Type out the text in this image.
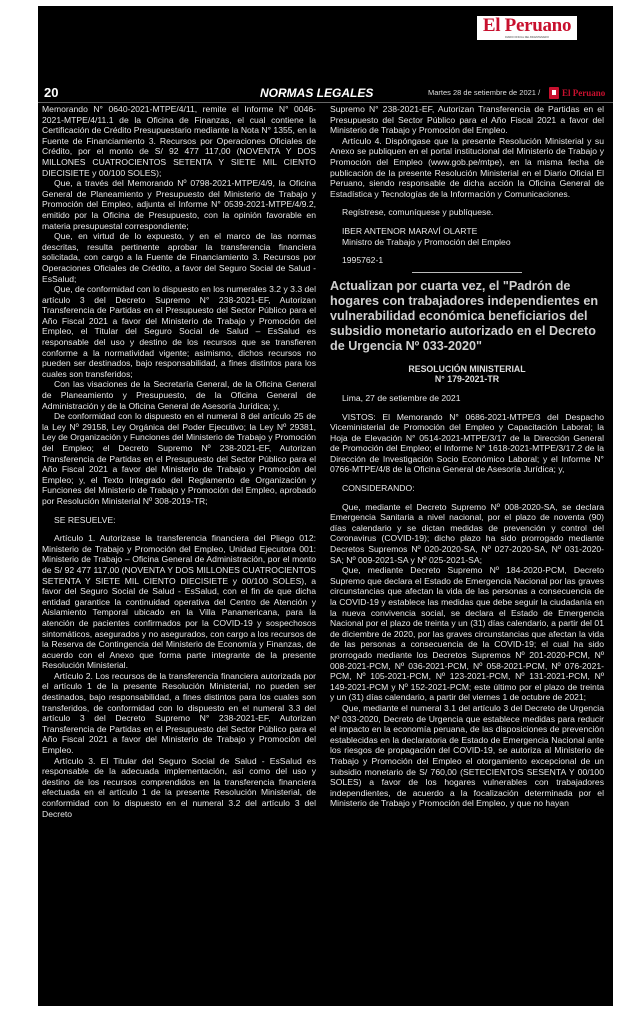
El Peruano
DIARIO OFICIAL DEL BICENTENARIO
20	NORMAS LEGALES	Martes 28 de setiembre de 2021 / El Peruano

Memorando N° 0640-2021-MTPE/4/11, remite el Informe N° 0046-2021-MTPE/4/11.1 de la Oficina de Finanzas, el cual contiene la Certificación de Crédito Presupuestario mediante la Nota N° 1355, en la Fuente de Financiamiento 3. Recursos por Operaciones Oficiales de Crédito, por el monto de S/ 92 477 117,00 (NOVENTA Y DOS MILLONES CUATROCIENTOS SETENTA Y SIETE MIL CIENTO DIECISIETE y 00/100 SOLES);

Que, a través del Memorando Nº 0798-2021-MTPE/4/9, la Oficina General de Planeamiento y Presupuesto del Ministerio de Trabajo y Promoción del Empleo, adjunta el Informe N° 0539-2021-MTPE/4/9.2, emitido por la Oficina de Presupuesto, con la opinión favorable en materia presupuestal correspondiente;

Que, en virtud de lo expuesto, y en el marco de las normas descritas, resulta pertinente aprobar la transferencia financiera solicitada, con cargo a la Fuente de Financiamiento 3. Recursos por Operaciones Oficiales de Crédito, a favor del Seguro Social de Salud - EsSalud;

Que, de conformidad con lo dispuesto en los numerales 3.2 y 3.3 del artículo 3 del Decreto Supremo N° 238-2021-EF, Autorizan Transferencia de Partidas en el Presupuesto del Sector Público para el Año Fiscal 2021 a favor del Ministerio de Trabajo y Promoción del Empleo, el Titular del Seguro Social de Salud – EsSalud es responsable del uso y destino de los recursos que se transfieren conforme a la normatividad vigente; asimismo, dichos recursos no pueden ser destinados, bajo responsabilidad, a fines distintos para los cuales son transferidos;

Con las visaciones de la Secretaría General, de la Oficina General de Planeamiento y Presupuesto, de la Oficina General de Administración y de la Oficina General de Asesoría Jurídica; y,

De conformidad con lo dispuesto en el numeral 8 del artículo 25 de la Ley Nº 29158, Ley Orgánica del Poder Ejecutivo; la Ley Nº 29381, Ley de Organización y Funciones del Ministerio de Trabajo y Promoción del Empleo; el Decreto Supremo Nº 238-2021-EF, Autorizan Transferencia de Partidas en el Presupuesto del Sector Público para el Año Fiscal 2021 a favor del Ministerio de Trabajo y Promoción del Empleo; y, el Texto Integrado del Reglamento de Organización y Funciones del Ministerio de Trabajo y Promoción del Empleo, aprobado por Resolución Ministerial Nº 308-2019-TR;

SE RESUELVE:

Artículo 1. Autorizase la transferencia financiera del Pliego 012: Ministerio de Trabajo y Promoción del Empleo, Unidad Ejecutora 001: Ministerio de Trabajo – Oficina General de Administración, por el monto de S/ 92 477 117,00 (NOVENTA Y DOS MILLONES CUATROCIENTOS SETENTA Y SIETE MIL CIENTO DIECISIETE y 00/100 SOLES), a favor del Seguro Social de Salud - EsSalud, con el fin de que dicha entidad garantice la continuidad operativa del Centro de Atención y Aislamiento Temporal ubicado en la Villa Panamericana, para la atención de pacientes confirmados por la COVID-19 y sospechosos sintomáticos, asegurados y no asegurados, con cargo a los recursos de la Reserva de Contingencia del Ministerio de Economía y Finanzas, de acuerdo con el Anexo que forma parte integrante de la presente Resolución Ministerial.

Artículo 2. Los recursos de la transferencia financiera autorizada por el artículo 1 de la presente Resolución Ministerial, no pueden ser destinados, bajo responsabilidad, a fines distintos para los cuales son transferidos, de conformidad con lo dispuesto en el numeral 3.3 del artículo 3 del Decreto Supremo N° 238-2021-EF, Autorizan Transferencia de Partidas en el Presupuesto del Sector Público para el Año Fiscal 2021 a favor del Ministerio de Trabajo y Promoción del Empleo.

Artículo 3. El Titular del Seguro Social de Salud - EsSalud es responsable de la adecuada implementación, así como del uso y destino de los recursos comprendidos en la transferencia financiera efectuada en el artículo 1 de la presente Resolución Ministerial, de conformidad con lo dispuesto en el numeral 3.2 del artículo 3 del Decreto

Supremo N° 238-2021-EF, Autorizan Transferencia de Partidas en el Presupuesto del Sector Público para el Año Fiscal 2021 a favor del Ministerio de Trabajo y Promoción del Empleo.

Artículo 4. Dispóngase que la presente Resolución Ministerial y su Anexo se publiquen en el portal institucional del Ministerio de Trabajo y Promoción del Empleo (www.gob.pe/mtpe), en la misma fecha de publicación de la presente Resolución Ministerial en el Diario Oficial El Peruano, siendo responsable de dicha acción la Oficina General de Estadística y Tecnologías de la Información y Comunicaciones.

Regístrese, comuníquese y publíquese.

IBER ANTENOR MARAVÍ OLARTE

Ministro de Trabajo y Promoción del Empleo

1995762-1

Actualizan por cuarta vez, el "Padrón de hogares con trabajadores independientes en vulnerabilidad económica beneficiarios del subsidio monetario autorizado en el Decreto de Urgencia Nº 033-2020"
RESOLUCIÓN MINISTERIAL
N° 179-2021-TR

Lima, 27 de setiembre de 2021

VISTOS: El Memorando N° 0686-2021-MTPE/3 del Despacho Viceministerial de Promoción del Empleo y Capacitación Laboral; la Hoja de Elevación N° 0514-2021-MTPE/3/17 de la Dirección General de Promoción del Empleo; el Informe N° 1618-2021-MTPE/3/17.2 de la Dirección de Investigación Socio Económico Laboral; y el Informe N° 0766-MTPE/4/8 de la Oficina General de Asesoría Jurídica; y,

CONSIDERANDO:

Que, mediante el Decreto Supremo Nº 008-2020-SA, se declara Emergencia Sanitaria a nivel nacional, por el plazo de noventa (90) días calendario y se dictan medidas de prevención y control del Coronavirus (COVID-19); dicho plazo ha sido prorrogado mediante Decretos Supremos Nº 020-2020-SA, Nº 027-2020-SA, Nº 031-2020-SA; Nº 009-2021-SA y Nº 025-2021-SA;

Que, mediante Decreto Supremo Nº 184-2020-PCM, Decreto Supremo que declara el Estado de Emergencia Nacional por las graves circunstancias que afectan la vida de las personas a consecuencia de la COVID-19 y establece las medidas que debe seguir la ciudadanía en la nueva convivencia social, se declara el Estado de Emergencia Nacional por el plazo de treinta y un (31) días calendario, a partir del 01 de diciembre de 2020, por las graves circunstancias que afectan la vida de las personas a consecuencia de la COVID-19; el cual ha sido prorrogado mediante los Decretos Supremos Nº 201-2020-PCM, Nº 008-2021-PCM, Nº 036-2021-PCM, Nº 058-2021-PCM, Nº 076-2021-PCM, Nº 105-2021-PCM, Nº 123-2021-PCM, Nº 131-2021-PCM, Nº 149-2021-PCM y Nº 152-2021-PCM; este último por el plazo de treinta y un (31) días calendario, a partir del viernes 1 de octubre de 2021;

Que, mediante el numeral 3.1 del artículo 3 del Decreto de Urgencia Nº 033-2020, Decreto de Urgencia que establece medidas para reducir el impacto en la economía peruana, de las disposiciones de prevención establecidas en la declaratoria de Estado de Emergencia Nacional ante los riesgos de propagación del COVID-19, se autoriza al Ministerio de Trabajo y Promoción del Empleo el otorgamiento excepcional de un subsidio monetario de S/ 760,00 (SETECIENTOS SESENTA Y 00/100 SOLES) a favor de los hogares vulnerables con trabajadores independientes, de acuerdo a la focalización determinada por el Ministerio de Trabajo y Promoción del Empleo, y que no hayan
